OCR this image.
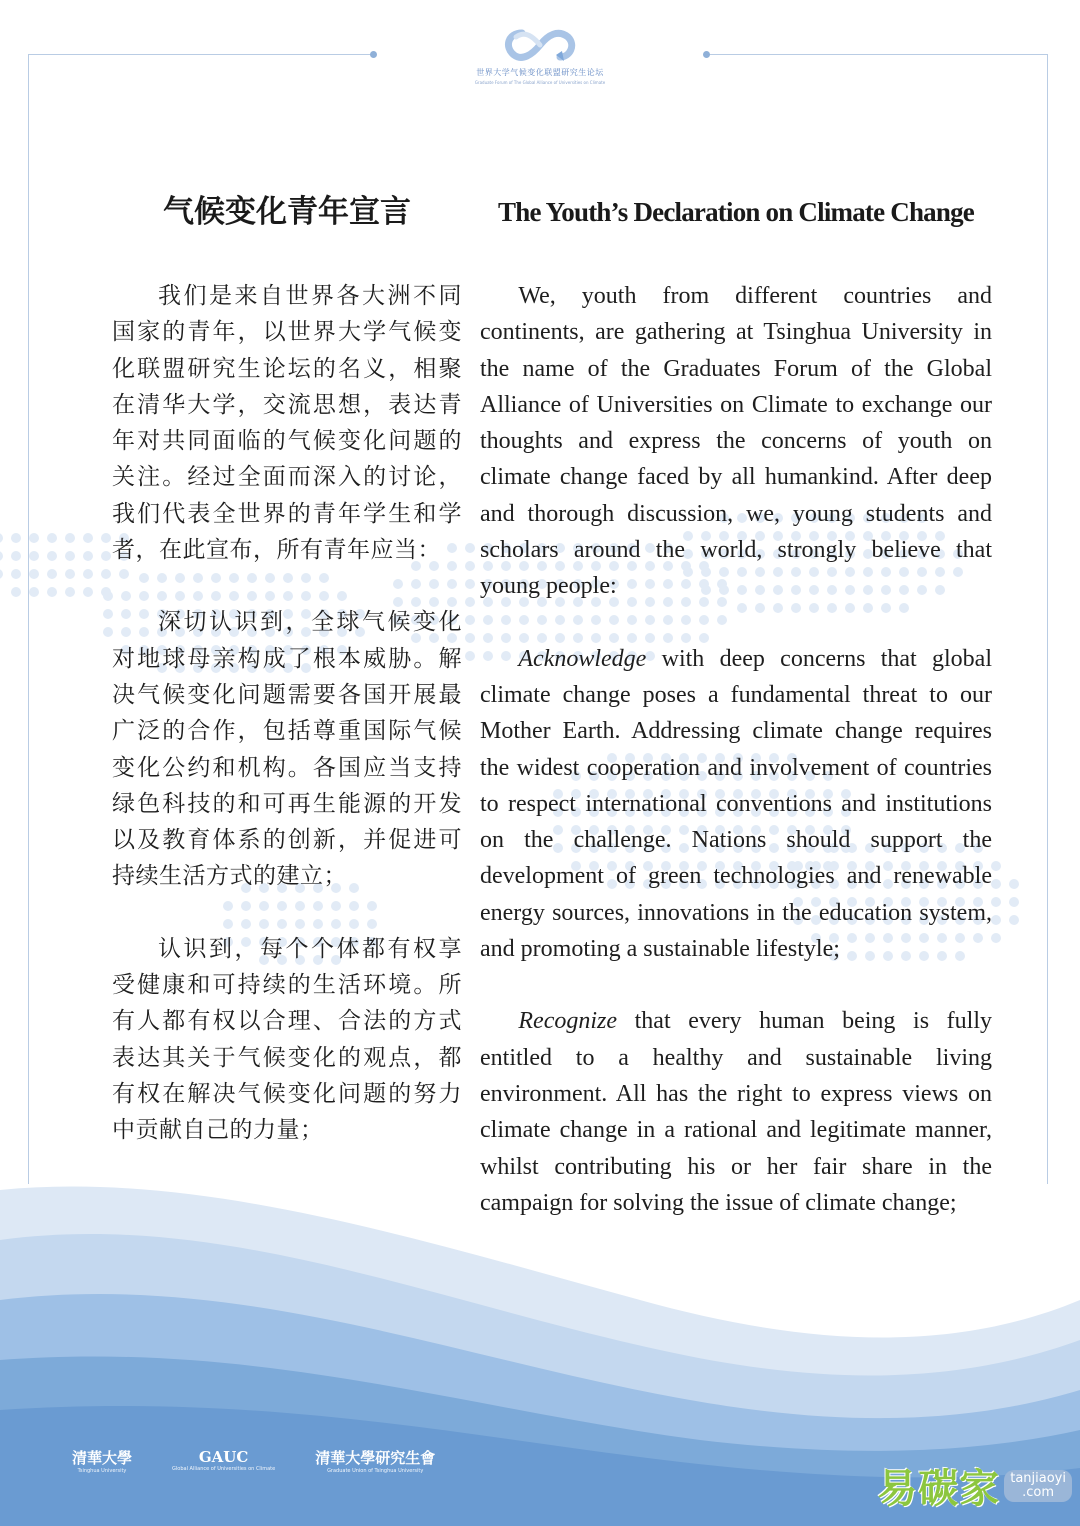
世界大学气候变化联盟研究生论坛
Graduate Forum of The Global Alliance of Universities on Climate
气候变化青年宣言

我们是来自世界各大洲不同国家的青年，以世界大学气候变化联盟研究生论坛的名义，相聚在清华大学，交流思想，表达青年对共同面临的气候变化问题的关注。经过全面而深入的讨论，我们代表全世界的青年学生和学者，在此宣布，所有青年应当：

深切认识到，全球气候变化对地球母亲构成了根本威胁。解决气候变化问题需要各国开展最广泛的合作，包括尊重国际气候变化公约和机构。各国应当支持绿色科技的和可再生能源的开发以及教育体系的创新，并促进可持续生活方式的建立；

认识到，每个个体都有权享受健康和可持续的生活环境。所有人都有权以合理、合法的方式表达其关于气候变化的观点，都有权在解决气候变化问题的努力中贡献自己的力量；

The Youth’s Declaration on Climate Change

We, youth from different countries and continents, are gathering at Tsinghua University in the name of the Graduates Forum of the Global Alliance of Universities on Climate to exchange our thoughts and express the concerns of youth on climate change faced by all humankind. After deep and thorough discussion, we, young students and scholars around the world, strongly believe that young people:

Acknowledge with deep concerns that global climate change poses a fundamental threat to our Mother Earth. Addressing climate change requires the widest cooperation and involvement of countries to respect international conventions and institutions on the challenge. Nations should support the development of green technologies and renewable energy sources, innovations in the education system, and promoting a sustainable lifestyle;

Recognize that every human being is fully entitled to a healthy and sustainable living environment. All has the right to express views on climate change in a rational and legitimate manner, whilst contributing his or her fair share in the campaign for solving the issue of climate change;

清華大學
Tsinghua University
GAUC
Global Alliance of Universities on Climate
清華大學研究生會
Graduate Union of Tsinghua University	易碳家 tanjiaoyi
.com
